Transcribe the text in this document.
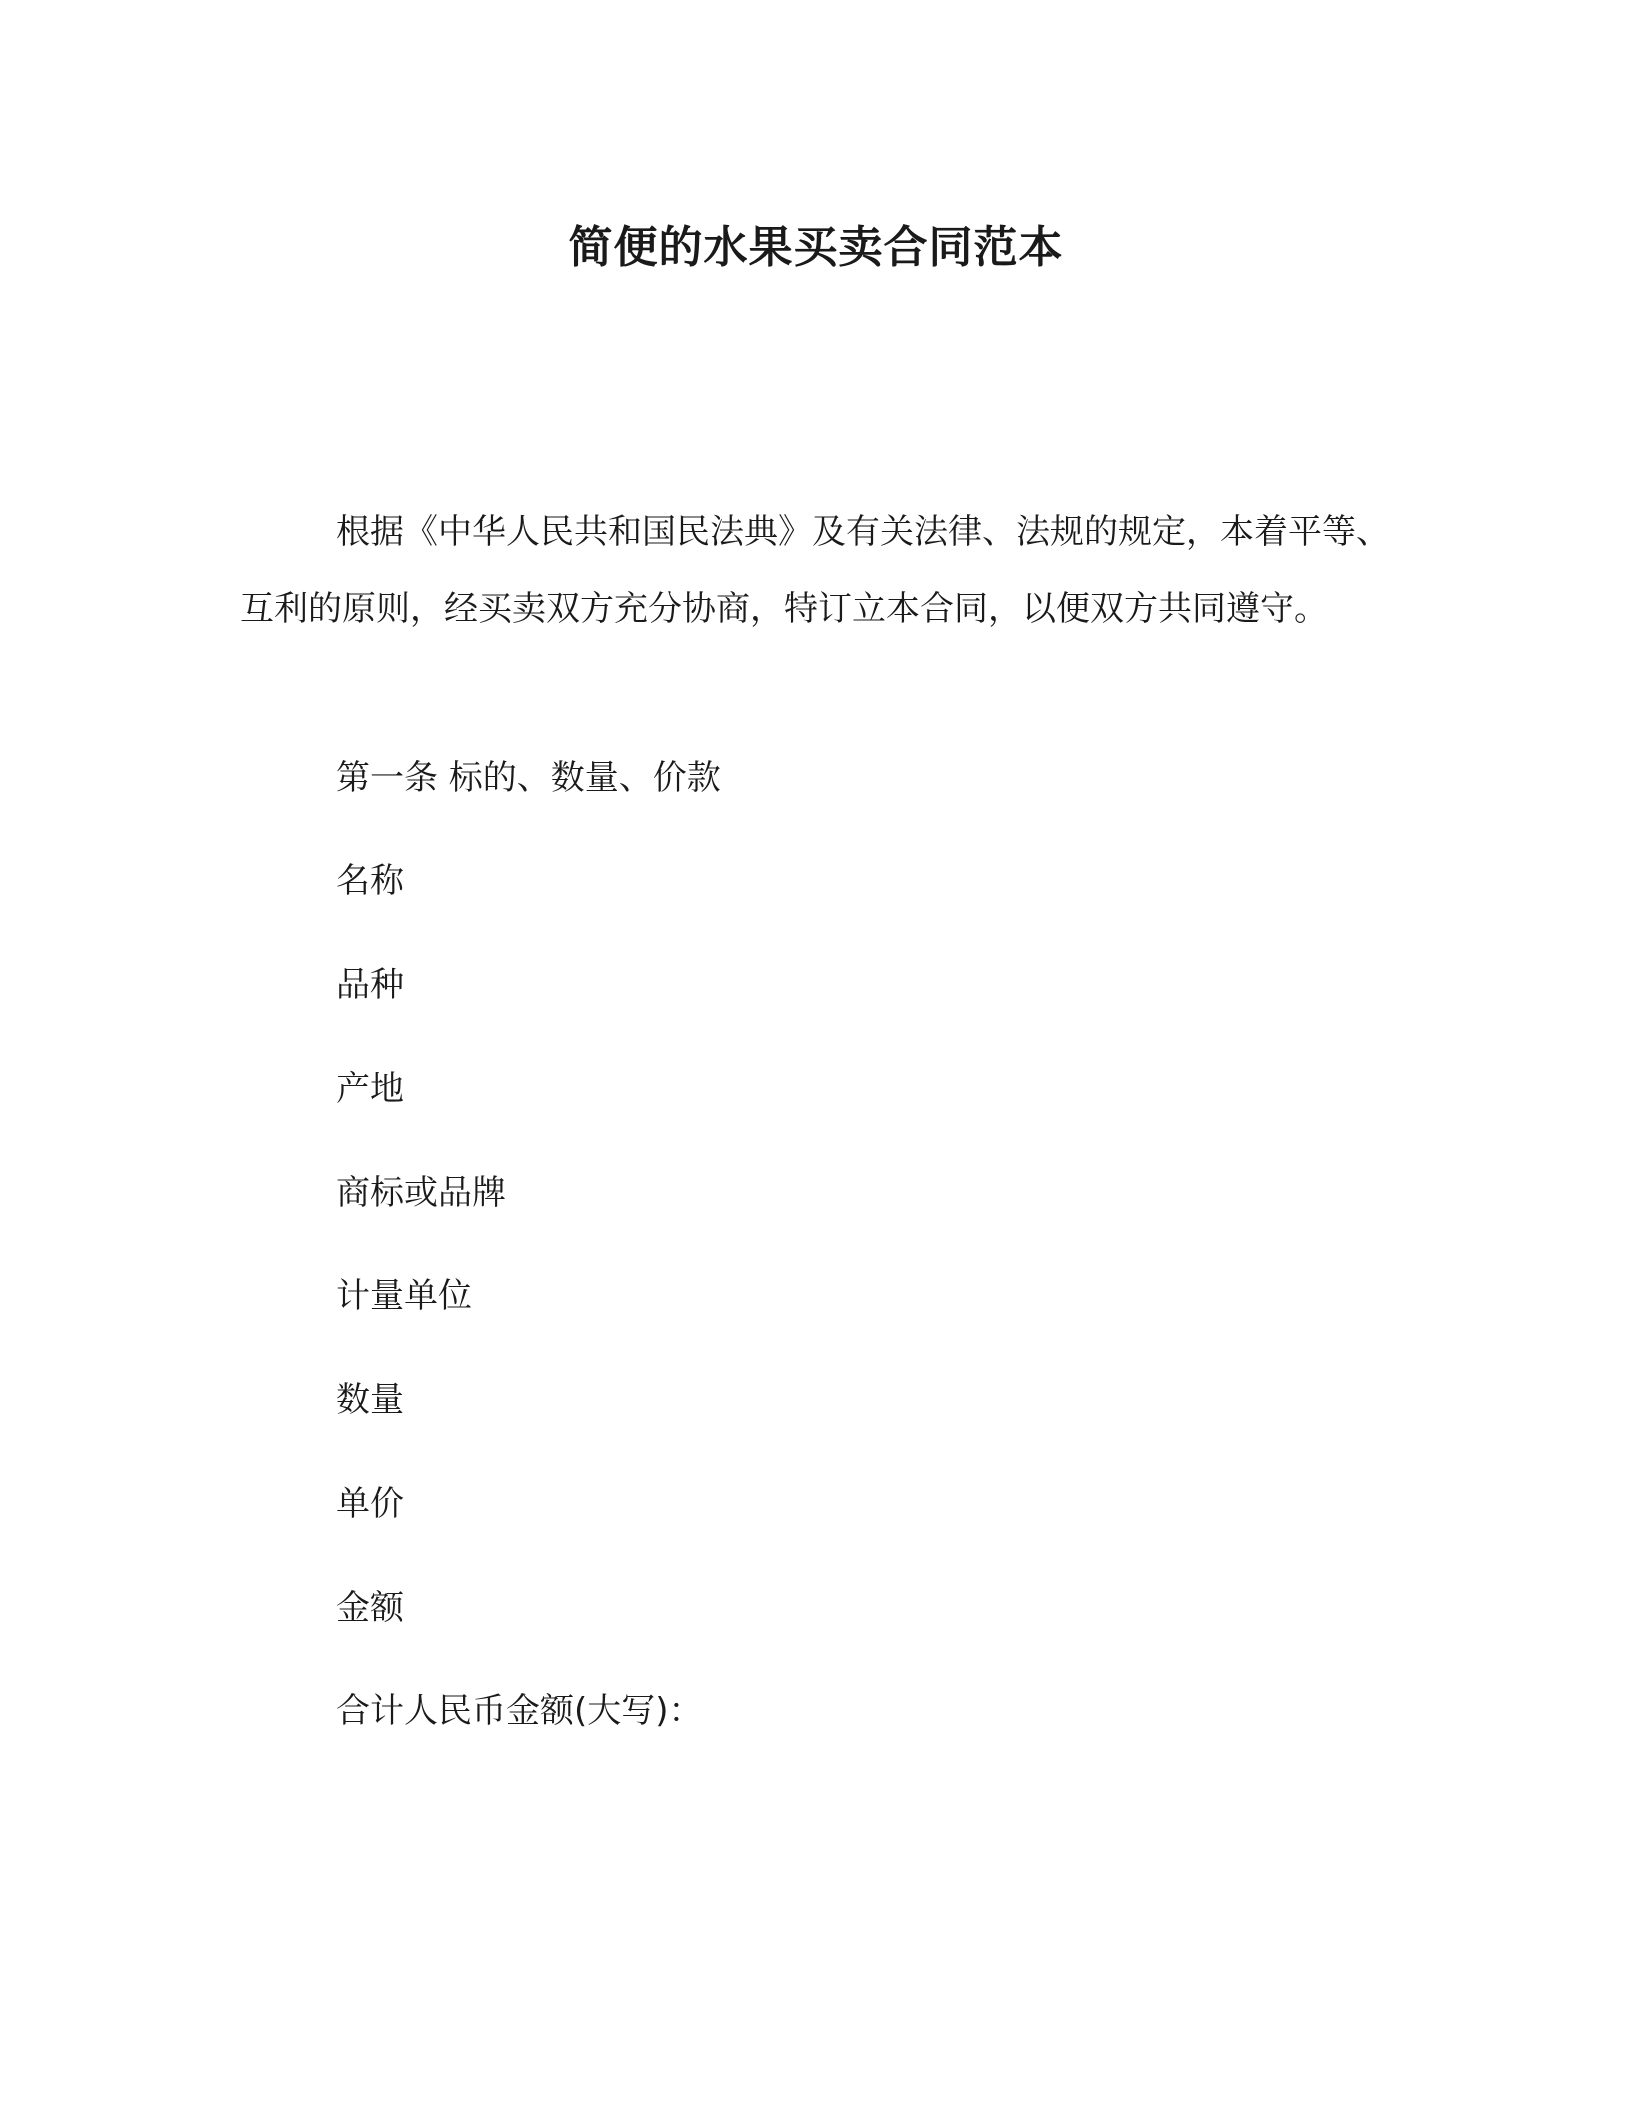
简便的水果买卖合同范本

根据《中华人民共和国民法典》及有关法律、法规的规定，本着平等、互利的原则，经买卖双方充分协商，特订立本合同，以便双方共同遵守。

第一条 标的、数量、价款

名称

品种

产地

商标或品牌

计量单位

数量

单价

金额

合计人民币金额(大写)：
